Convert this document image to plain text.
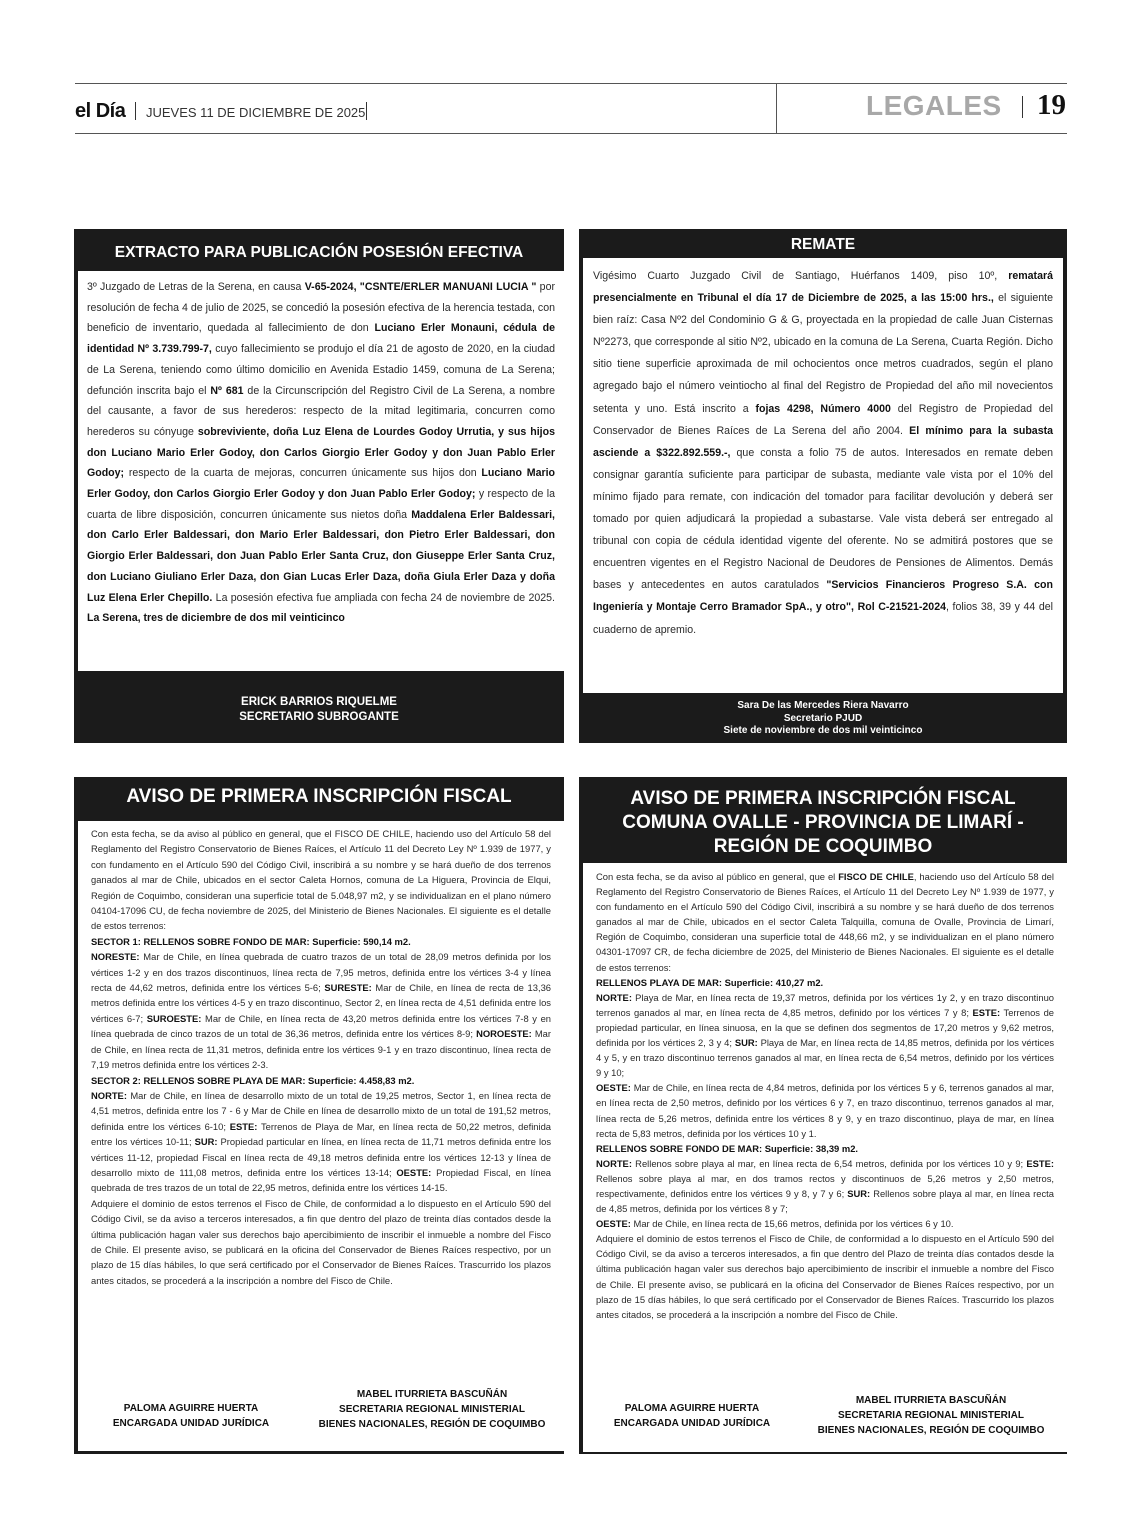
el Día JUEVES 11 DE DICIEMBRE DE 2025	LEGALES 19
EXTRACTO PARA PUBLICACIÓN POSESIÓN EFECTIVA

3º Juzgado de Letras de la Serena, en causa V-65-2024, "CSNTE/ERLER MANUANI LUCIA " por resolución de fecha 4 de julio de 2025, se concedió la posesión efectiva de la herencia testada, con beneficio de inventario, quedada al fallecimiento de don Luciano Erler Monauni, cédula de identidad Nº 3.739.799-7, cuyo fallecimiento se produjo el día 21 de agosto de 2020, en la ciudad de La Serena, teniendo como último domicilio en Avenida Estadio 1459, comuna de La Serena; defunción inscrita bajo el Nº 681 de la Circunscripción del Registro Civil de La Serena, a nombre del causante, a favor de sus herederos: respecto de la mitad legitimaria, concurren como herederos su cónyuge sobreviviente, doña Luz Elena de Lourdes Godoy Urrutia, y sus hijos don Luciano Mario Erler Godoy, don Carlos Giorgio Erler Godoy y don Juan Pablo Erler Godoy; respecto de la cuarta de mejoras, concurren únicamente sus hijos don Luciano Mario Erler Godoy, don Carlos Giorgio Erler Godoy y don Juan Pablo Erler Godoy; y respecto de la cuarta de libre disposición, concurren únicamente sus nietos doña Maddalena Erler Baldessari, don Carlo Erler Baldessari, don Mario Erler Baldessari, don Pietro Erler Baldessari, don Giorgio Erler Baldessari, don Juan Pablo Erler Santa Cruz, don Giuseppe Erler Santa Cruz, don Luciano Giuliano Erler Daza, don Gian Lucas Erler Daza, doña Giula Erler Daza y doña Luz Elena Erler Chepillo. La posesión efectiva fue ampliada con fecha 24 de noviembre de 2025. La Serena, tres de diciembre de dos mil veinticinco

ERICK BARRIOS RIQUELME
SECRETARIO SUBROGANTE
REMATE

Vigésimo Cuarto Juzgado Civil de Santiago, Huérfanos 1409, piso 10º, rematará presencialmente en Tribunal el día 17 de Diciembre de 2025, a las 15:00 hrs., el siguiente bien raíz: Casa Nº2 del Condominio G & G, proyectada en la propiedad de calle Juan Cisternas Nº2273, que corresponde al sitio Nº2, ubicado en la comuna de La Serena, Cuarta Región. Dicho sitio tiene superficie aproximada de mil ochocientos once metros cuadrados, según el plano agregado bajo el número veintiocho al final del Registro de Propiedad del año mil novecientos setenta y uno. Está inscrito a fojas 4298, Número 4000 del Registro de Propiedad del Conservador de Bienes Raíces de La Serena del año 2004. El mínimo para la subasta asciende a $322.892.559.-, que consta a folio 75 de autos. Interesados en remate deben consignar garantía suficiente para participar de subasta, mediante vale vista por el 10% del mínimo fijado para remate, con indicación del tomador para facilitar devolución y deberá ser tomado por quien adjudicará la propiedad a subastarse. Vale vista deberá ser entregado al tribunal con copia de cédula identidad vigente del oferente. No se admitirá postores que se encuentren vigentes en el Registro Nacional de Deudores de Pensiones de Alimentos. Demás bases y antecedentes en autos caratulados "Servicios Financieros Progreso S.A. con Ingeniería y Montaje Cerro Bramador SpA., y otro", Rol C-21521-2024, folios 38, 39 y 44 del cuaderno de apremio.

Sara De las Mercedes Riera Navarro
Secretario PJUD
Siete de noviembre de dos mil veinticinco
AVISO DE PRIMERA INSCRIPCIÓN FISCAL

Con esta fecha, se da aviso al público en general, que el FISCO DE CHILE, haciendo uso del Artículo 58 del Reglamento del Registro Conservatorio de Bienes Raíces, el Artículo 11 del Decreto Ley Nº 1.939 de 1977, y con fundamento en el Artículo 590 del Código Civil, inscribirá a su nombre y se hará dueño de dos terrenos ganados al mar de Chile, ubicados en el sector Caleta Hornos, comuna de La Higuera, Provincia de Elqui, Región de Coquimbo, consideran una superficie total de 5.048,97 m2, y se individualizan en el plano número 04104-17096 CU, de fecha noviembre de 2025, del Ministerio de Bienes Nacionales. El siguiente es el detalle de estos terrenos:

SECTOR 1: RELLENOS SOBRE FONDO DE MAR: Superficie: 590,14 m2.

NORESTE: Mar de Chile, en línea quebrada de cuatro trazos de un total de 28,09 metros definida por los vértices 1-2 y en dos trazos discontinuos, línea recta de 7,95 metros, definida entre los vértices 3-4 y línea recta de 44,62 metros, definida entre los vértices 5-6; SURESTE: Mar de Chile, en línea de recta de 13,36 metros definida entre los vértices 4-5 y en trazo discontinuo, Sector 2, en línea recta de 4,51 definida entre los vértices 6-7; SUROESTE: Mar de Chile, en línea recta de 43,20 metros definida entre los vértices 7-8 y en línea quebrada de cinco trazos de un total de 36,36 metros, definida entre los vértices 8-9; NOROESTE: Mar de Chile, en línea recta de 11,31 metros, definida entre los vértices 9-1 y en trazo discontinuo, línea recta de 7,19 metros definida entre los vértices 2-3.

SECTOR 2: RELLENOS SOBRE PLAYA DE MAR: Superficie: 4.458,83 m2.

NORTE: Mar de Chile, en línea de desarrollo mixto de un total de 19,25 metros, Sector 1, en línea recta de 4,51 metros, definida entre los 7 - 6 y Mar de Chile en línea de desarrollo mixto de un total de 191,52 metros, definida entre los vértices 6-10; ESTE: Terrenos de Playa de Mar, en línea recta de 50,22 metros, definida entre los vértices 10-11; SUR: Propiedad particular en línea, en línea recta de 11,71 metros definida entre los vértices 11-12, propiedad Fiscal en línea recta de 49,18 metros definida entre los vértices 12-13 y línea de desarrollo mixto de 111,08 metros, definida entre los vértices 13-14; OESTE: Propiedad Fiscal, en línea quebrada de tres trazos de un total de 22,95 metros, definida entre los vértices 14-15.

Adquiere el dominio de estos terrenos el Fisco de Chile, de conformidad a lo dispuesto en el Artículo 590 del Código Civil, se da aviso a terceros interesados, a fin que dentro del plazo de treinta días contados desde la última publicación hagan valer sus derechos bajo apercibimiento de inscribir el inmueble a nombre del Fisco de Chile. El presente aviso, se publicará en la oficina del Conservador de Bienes Raíces respectivo, por un plazo de 15 días hábiles, lo que será certificado por el Conservador de Bienes Raíces. Trascurrido los plazos antes citados, se procederá a la inscripción a nombre del Fisco de Chile.

PALOMA AGUIRRE HUERTA
ENCARGADA UNIDAD JURÍDICA
MABEL ITURRIETA BASCUÑÁN
SECRETARIA REGIONAL MINISTERIAL
BIENES NACIONALES, REGIÓN DE COQUIMBO
AVISO DE PRIMERA INSCRIPCIÓN FISCAL
COMUNA OVALLE - PROVINCIA DE LIMARÍ -
REGIÓN DE COQUIMBO

Con esta fecha, se da aviso al público en general, que el FISCO DE CHILE, haciendo uso del Artículo 58 del Reglamento del Registro Conservatorio de Bienes Raíces, el Artículo 11 del Decreto Ley Nº 1.939 de 1977, y con fundamento en el Artículo 590 del Código Civil, inscribirá a su nombre y se hará dueño de dos terrenos ganados al mar de Chile, ubicados en el sector Caleta Talquilla, comuna de Ovalle, Provincia de Limarí, Región de Coquimbo, consideran una superficie total de 448,66 m2, y se individualizan en el plano número 04301-17097 CR, de fecha diciembre de 2025, del Ministerio de Bienes Nacionales. El siguiente es el detalle de estos terrenos:

RELLENOS PLAYA DE MAR: Superficie: 410,27 m2.

NORTE: Playa de Mar, en línea recta de 19,37 metros, definida por los vértices 1y 2, y en trazo discontinuo terrenos ganados al mar, en línea recta de 4,85 metros, definido por los vértices 7 y 8; ESTE: Terrenos de propiedad particular, en línea sinuosa, en la que se definen dos segmentos de 17,20 metros y 9,62 metros, definida por los vértices 2, 3 y 4; SUR: Playa de Mar, en línea recta de 14,85 metros, definida por los vértices 4 y 5, y en trazo discontinuo terrenos ganados al mar, en línea recta de 6,54 metros, definido por los vértices 9 y 10;

OESTE: Mar de Chile, en línea recta de 4,84 metros, definida por los vértices 5 y 6, terrenos ganados al mar, en línea recta de 2,50 metros, definido por los vértices 6 y 7, en trazo discontinuo, terrenos ganados al mar, línea recta de 5,26 metros, definida entre los vértices 8 y 9, y en trazo discontinuo, playa de mar, en línea recta de 5,83 metros, definida por los vértices 10 y 1.

RELLENOS SOBRE FONDO DE MAR: Superficie: 38,39 m2.

NORTE: Rellenos sobre playa al mar, en línea recta de 6,54 metros, definida por los vértices 10 y 9; ESTE: Rellenos sobre playa al mar, en dos tramos rectos y discontinuos de 5,26 metros y 2,50 metros, respectivamente, definidos entre los vértices 9 y 8, y 7 y 6; SUR: Rellenos sobre playa al mar, en línea recta de 4,85 metros, definida por los vértices 8 y 7;

OESTE: Mar de Chile, en línea recta de 15,66 metros, definida por los vértices 6 y 10.

Adquiere el dominio de estos terrenos el Fisco de Chile, de conformidad a lo dispuesto en el Artículo 590 del Código Civil, se da aviso a terceros interesados, a fin que dentro del Plazo de treinta días contados desde la última publicación hagan valer sus derechos bajo apercibimiento de inscribir el inmueble a nombre del Fisco de Chile. El presente aviso, se publicará en la oficina del Conservador de Bienes Raíces respectivo, por un plazo de 15 días hábiles, lo que será certificado por el Conservador de Bienes Raíces. Trascurrido los plazos antes citados, se procederá a la inscripción a nombre del Fisco de Chile.

PALOMA AGUIRRE HUERTA
ENCARGADA UNIDAD JURÍDICA
MABEL ITURRIETA BASCUÑÁN
SECRETARIA REGIONAL MINISTERIAL
BIENES NACIONALES, REGIÓN DE COQUIMBO
